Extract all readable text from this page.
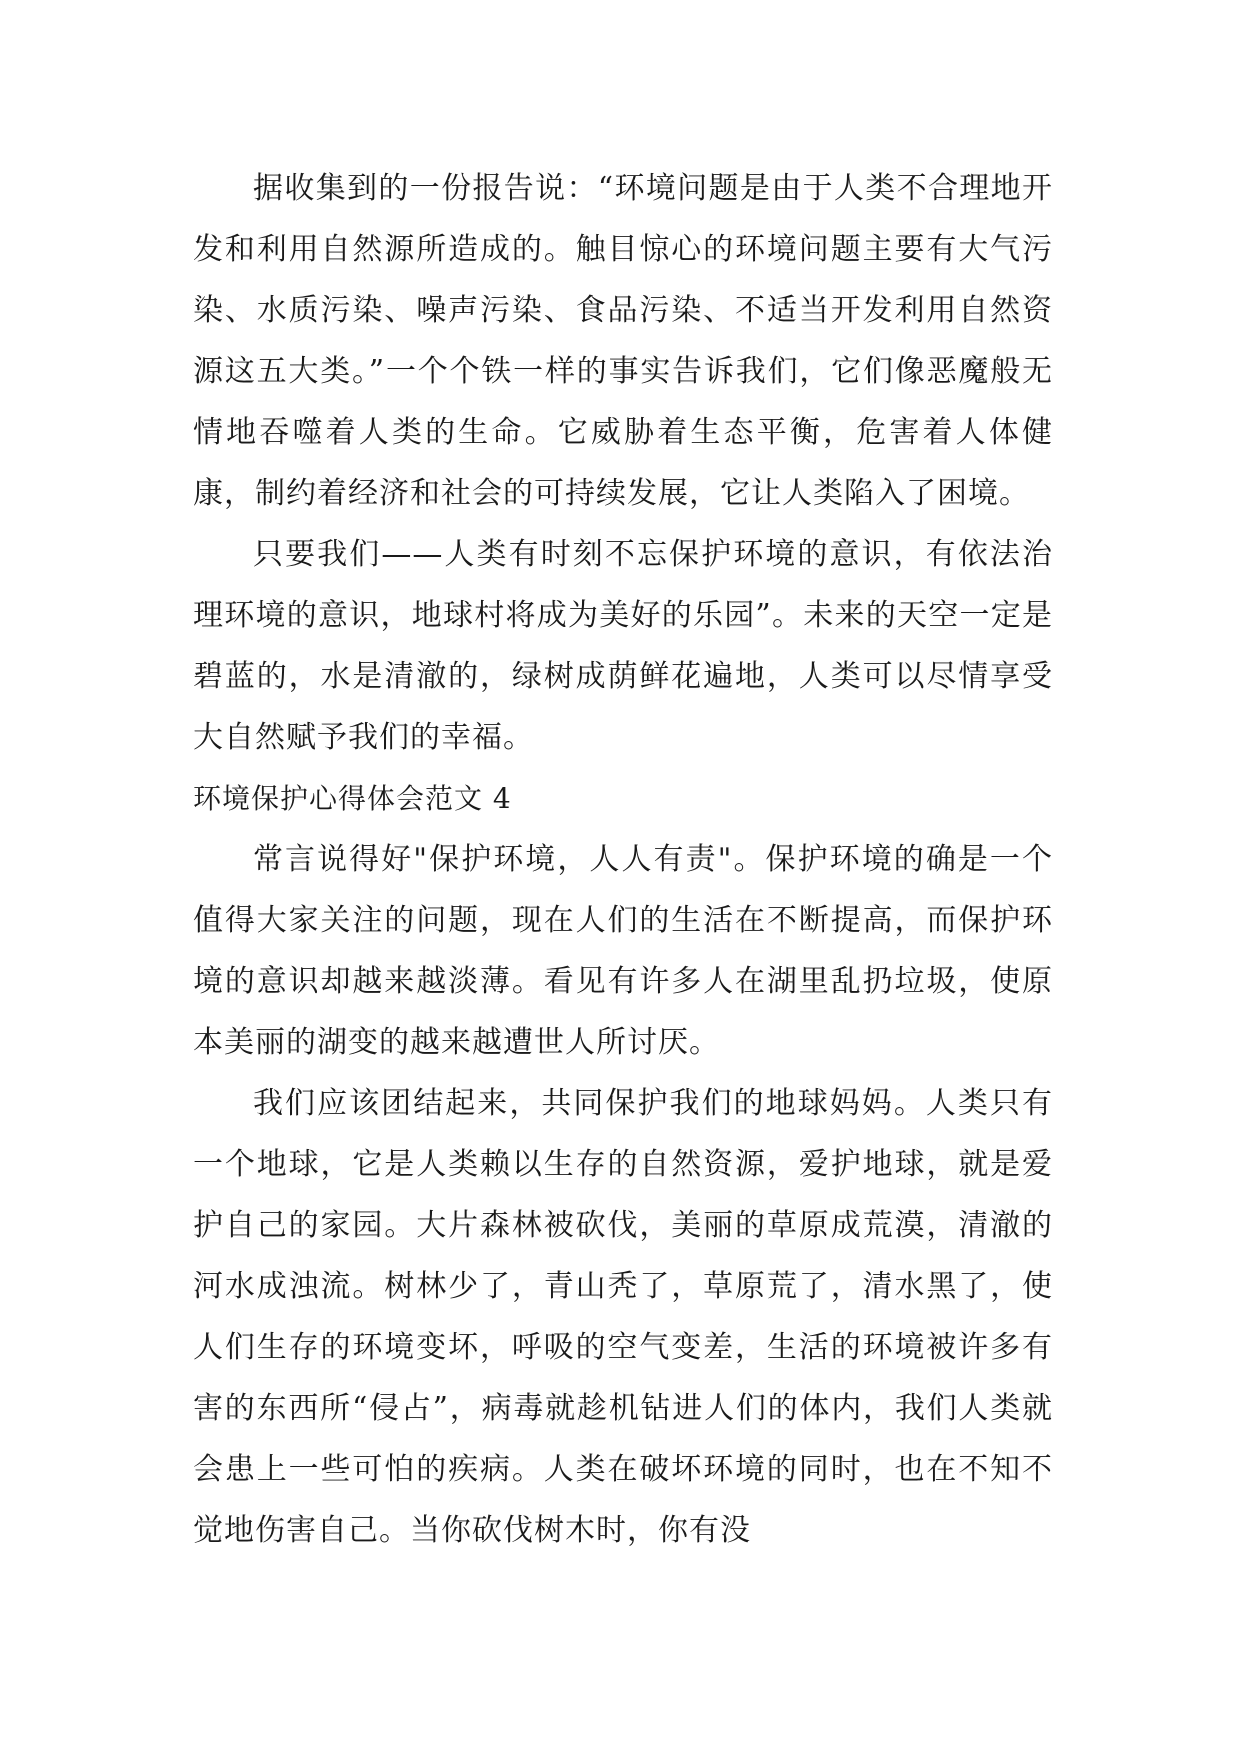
据收集到的一份报告说：“环境问题是由于人类不合理地开发和利用自然源所造成的。触目惊心的环境问题主要有大气污染、水质污染、噪声污染、食品污染、不适当开发利用自然资源这五大类。”一个个铁一样的事实告诉我们，它们像恶魔般无情地吞噬着人类的生命。它威胁着生态平衡，危害着人体健康，制约着经济和社会的可持续发展，它让人类陷入了困境。

只要我们——人类有时刻不忘保护环境的意识，有依法治理环境的意识，地球村将成为美好的乐园”。未来的天空一定是碧蓝的，水是清澈的，绿树成荫鲜花遍地，人类可以尽情享受大自然赋予我们的幸福。

环境保护心得体会范文 4

常言说得好"保护环境，人人有责"。保护环境的确是一个值得大家关注的问题，现在人们的生活在不断提高，而保护环境的意识却越来越淡薄。看见有许多人在湖里乱扔垃圾，使原本美丽的湖变的越来越遭世人所讨厌。

我们应该团结起来，共同保护我们的地球妈妈。人类只有一个地球，它是人类赖以生存的自然资源，爱护地球，就是爱护自己的家园。大片森林被砍伐，美丽的草原成荒漠，清澈的河水成浊流。树林少了，青山秃了，草原荒了，清水黑了，使人们生存的环境变坏，呼吸的空气变差，生活的环境被许多有害的东西所“侵占”，病毒就趁机钻进人们的体内，我们人类就会患上一些可怕的疾病。人类在破坏环境的同时，也在不知不觉地伤害自己。当你砍伐树木时，你有没
